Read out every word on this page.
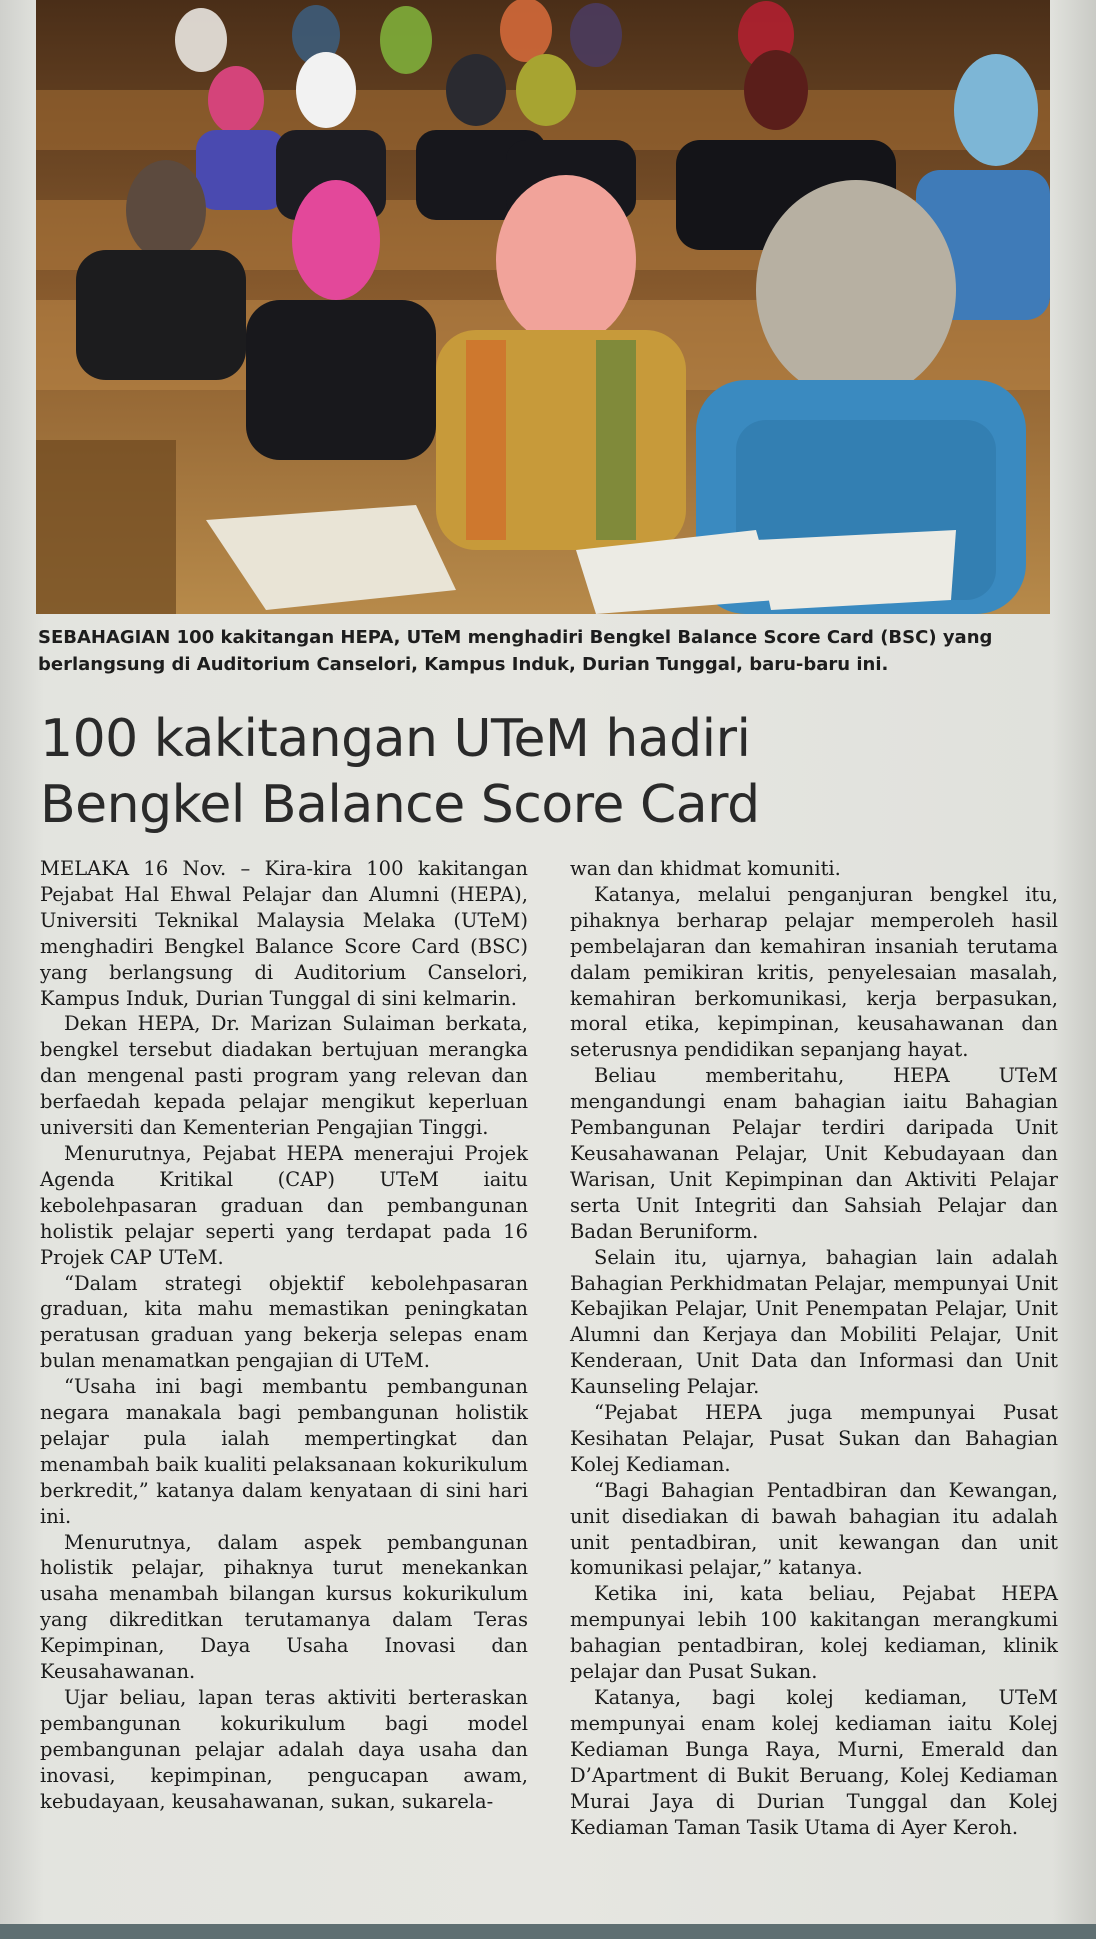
SEBAHAGIAN 100 kakitangan HEPA, UTeM menghadiri Bengkel Balance Score Card (BSC) yang berlangsung di Auditorium Canselori, Kampus Induk, Durian Tunggal, baru-baru ini.
100 kakitangan UTeM hadiri
Bengkel Balance Score Card

MELAKA 16 Nov. – Kira-kira 100 kakitangan Pejabat Hal Ehwal Pelajar dan Alumni (HEPA), Universiti Teknikal Malaysia Melaka (UTeM) menghadiri Bengkel Balance Score Card (BSC) yang berlangsung di Auditorium Canselori, Kampus Induk, Durian Tunggal di sini kelmarin.

Dekan HEPA, Dr. Marizan Sulaiman berkata, bengkel tersebut diadakan bertujuan merangka dan mengenal pasti program yang relevan dan berfaedah kepada pelajar mengikut keperluan universiti dan Kementerian Pengajian Tinggi.

Menurutnya, Pejabat HEPA menerajui Projek Agenda Kritikal (CAP) UTeM iaitu kebolehpasaran graduan dan pembangunan holistik pelajar seperti yang terdapat pada 16 Projek CAP UTeM.

“Dalam strategi objektif kebolehpasaran graduan, kita mahu memastikan peningkatan peratusan graduan yang bekerja selepas enam bulan menamatkan pengajian di UTeM.

“Usaha ini bagi membantu pembangunan negara manakala bagi pembangunan holistik pelajar pula ialah mempertingkat dan menambah baik kualiti pelaksanaan kokurikulum berkredit,” katanya dalam kenyataan di sini hari ini.

Menurutnya, dalam aspek pembangunan holistik pelajar, pihaknya turut menekankan usaha menambah bilangan kursus kokurikulum yang dikreditkan terutamanya dalam Teras Kepimpinan, Daya Usaha Inovasi dan Keusahawanan.

Ujar beliau, lapan teras aktiviti berteraskan pembangunan kokurikulum bagi model pembangunan pelajar adalah daya usaha dan inovasi, kepimpinan, pengucapan awam, kebudayaan, keusahawanan, sukan, sukarela-

wan dan khidmat komuniti.

Katanya, melalui penganjuran bengkel itu, pihaknya berharap pelajar memperoleh hasil pembelajaran dan kemahiran insaniah terutama dalam pemikiran kritis, penyelesaian masalah, kemahiran berkomunikasi, kerja berpasukan, moral etika, kepimpinan, keusahawanan dan seterusnya pendidikan sepanjang hayat.

Beliau memberitahu, HEPA UTeM mengandungi enam bahagian iaitu Bahagian Pembangunan Pelajar terdiri daripada Unit Keusahawanan Pelajar, Unit Kebudayaan dan Warisan, Unit Kepimpinan dan Aktiviti Pelajar serta Unit Integriti dan Sahsiah Pelajar dan Badan Beruniform.

Selain itu, ujarnya, bahagian lain adalah Bahagian Perkhidmatan Pelajar, mempunyai Unit Kebajikan Pelajar, Unit Penempatan Pelajar, Unit Alumni dan Kerjaya dan Mobiliti Pelajar, Unit Kenderaan, Unit Data dan Informasi dan Unit Kaunseling Pelajar.

“Pejabat HEPA juga mempunyai Pusat Kesihatan Pelajar, Pusat Sukan dan Bahagian Kolej Kediaman.

“Bagi Bahagian Pentadbiran dan Kewangan, unit disediakan di bawah bahagian itu adalah unit pentadbiran, unit kewangan dan unit komunikasi pelajar,” katanya.

Ketika ini, kata beliau, Pejabat HEPA mempunyai lebih 100 kakitangan merangkumi bahagian pentadbiran, kolej kediaman, klinik pelajar dan Pusat Sukan.

Katanya, bagi kolej kediaman, UTeM mempunyai enam kolej kediaman iaitu Kolej Kediaman Bunga Raya, Murni, Emerald dan D’Apartment di Bukit Beruang, Kolej Kediaman Murai Jaya di Durian Tunggal dan Kolej Kediaman Taman Tasik Utama di Ayer Keroh.
